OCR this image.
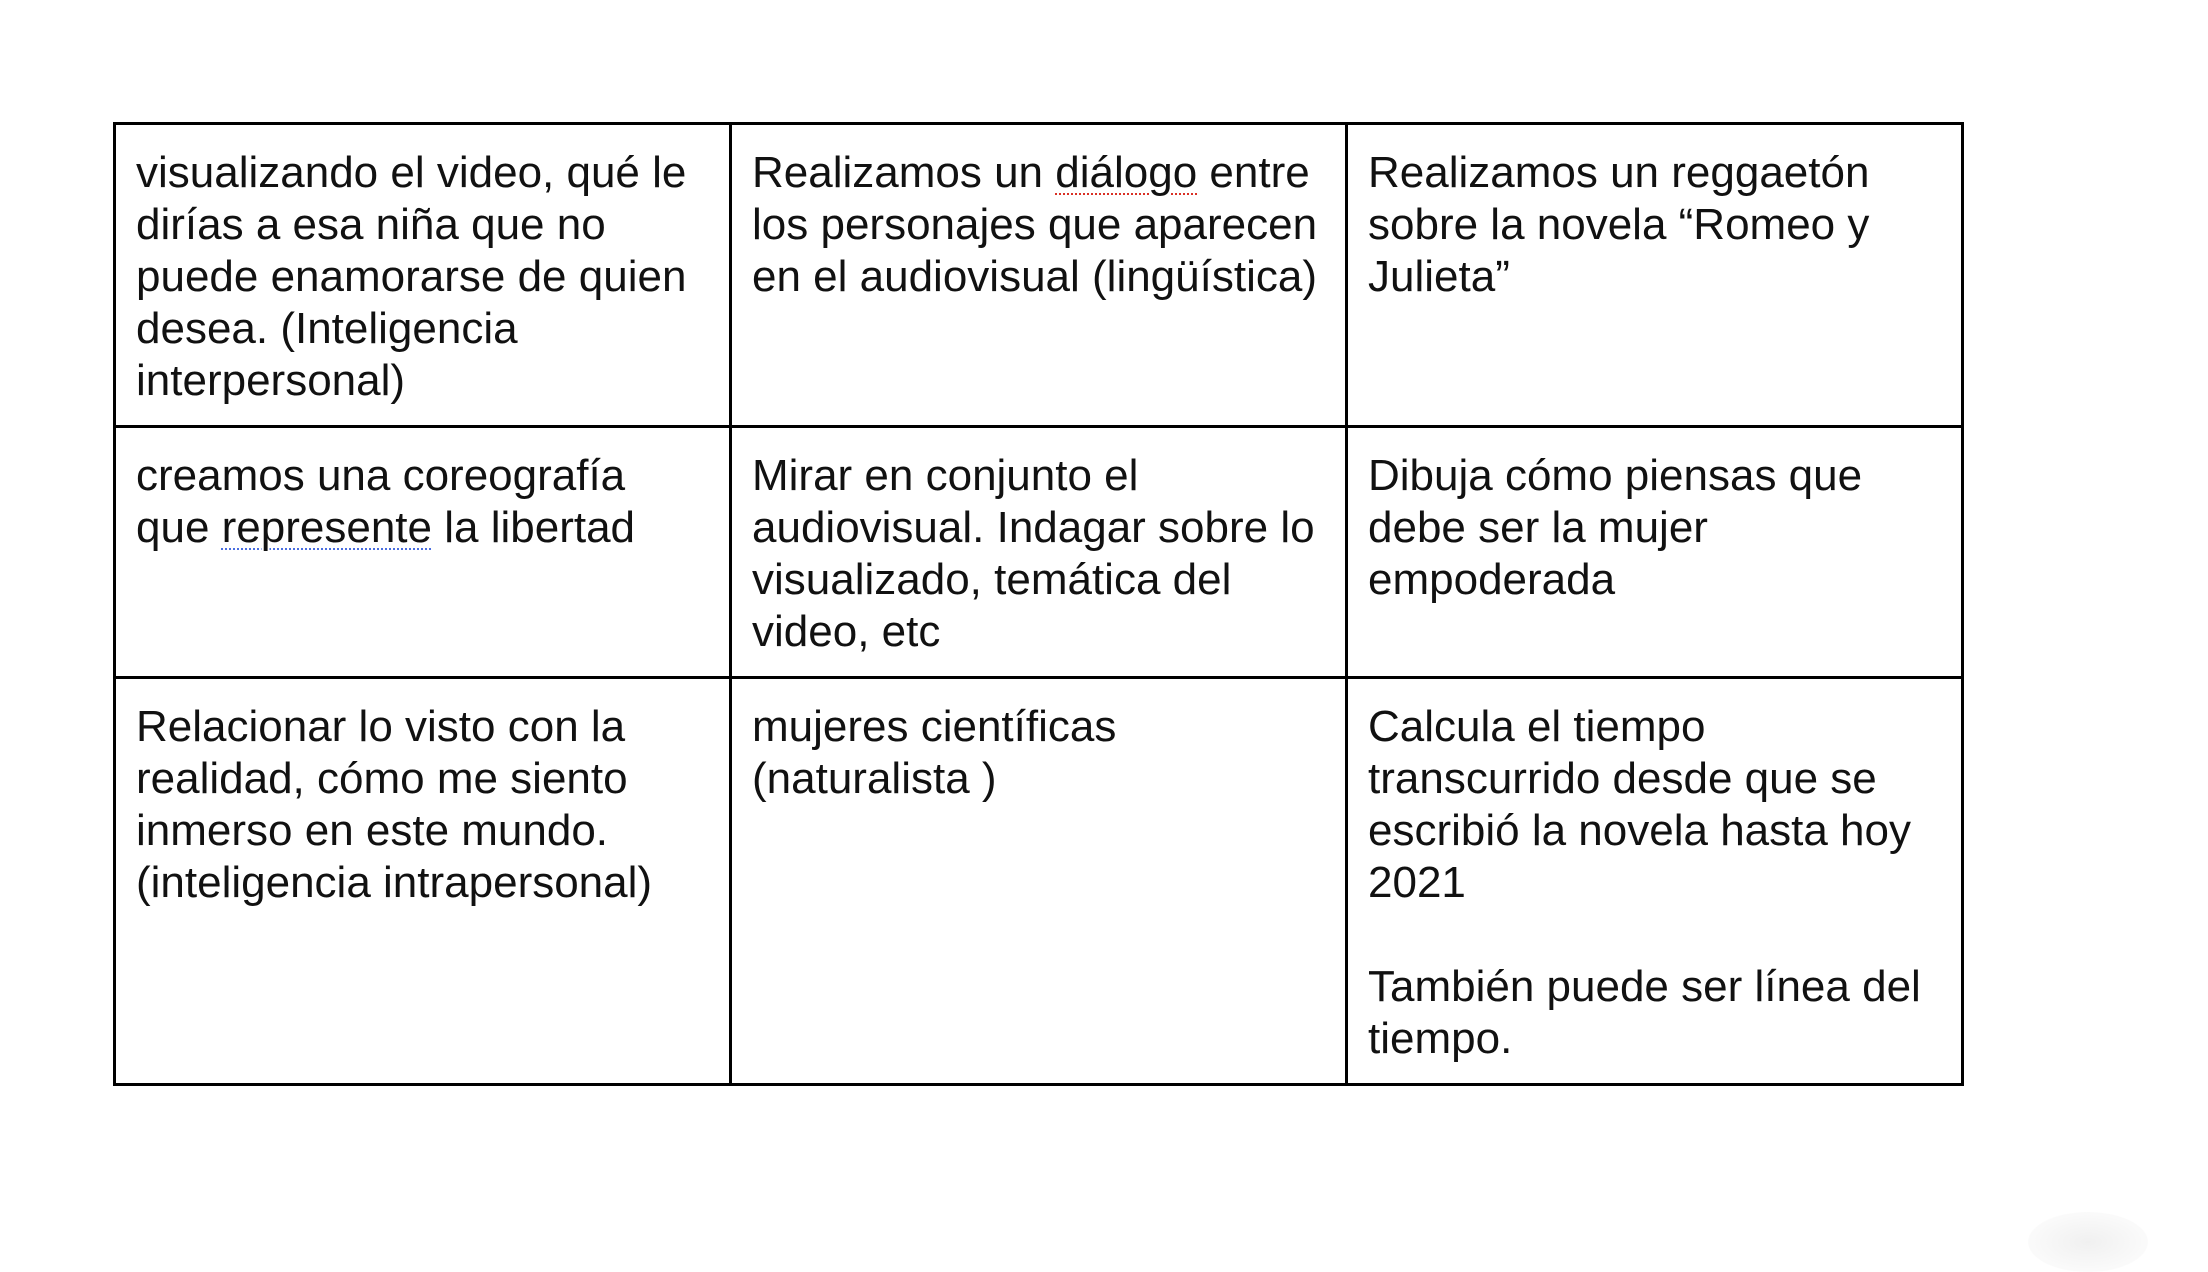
visualizando el video, qué le dirías a esa niña que no puede enamorarse de quien desea. (Inteligencia interpersonal)	Realizamos un diálogo entre los personajes que aparecen en el audiovisual (lingüística)	Realizamos un reggaetón sobre la novela “Romeo y Julieta”
creamos una coreografía que represente la libertad	Mirar en conjunto el audiovisual. Indagar sobre lo visualizado, temática del video, etc	Dibuja cómo piensas que debe ser la mujer empoderada
Relacionar lo visto con la realidad, cómo me siento inmerso en este mundo. (inteligencia intrapersonal)	mujeres científicas (naturalista )	Calcula el tiempo transcurrido desde que se escribió la novela hasta hoy 2021
También puede ser línea del tiempo.
